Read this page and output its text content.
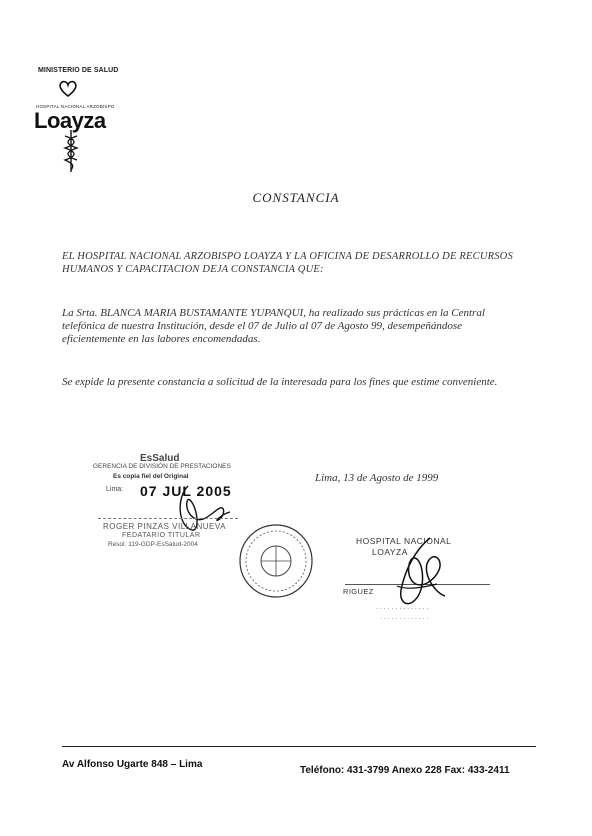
MINISTERIO DE SALUD
HOSPITAL NACIONAL ARZOBISPO
Loayza
CONSTANCIA
EL HOSPITAL NACIONAL ARZOBISPO LOAYZA Y LA OFICINA DE DESARROLLO DE RECURSOS HUMANOS Y CAPACITACION DEJA CONSTANCIA QUE:
La Srta. BLANCA MARIA BUSTAMANTE YUPANQUI, ha realizado sus prácticas en la Central telefónica de nuestra Institución, desde el 07 de Julio al 07 de Agosto 99, desempeñándose eficientemente en las labores encomendadas.
Se expide la presente constancia a solicitud de la interesada para los fines que estime conveniente.
Lima, 13 de Agosto de 1999
EsSalud
GERENCIA DE DIVISIÓN DE PRESTACIONES
Es copia fiel del Original
Lima: 07 JUL 2005
ROGER PINZAS VILLANUEVA
FEDATARIO TITULAR
Resol. 119-GDP-EsSalud-2004	HOSPITAL NACIONAL
LOAYZA
RIGUEZ
. . . . . . . . . . . . . .
. . . . . . . . . . . . .
Av Alfonso Ugarte 848 – Lima
Teléfono: 431-3799 Anexo 228 Fax: 433-2411
